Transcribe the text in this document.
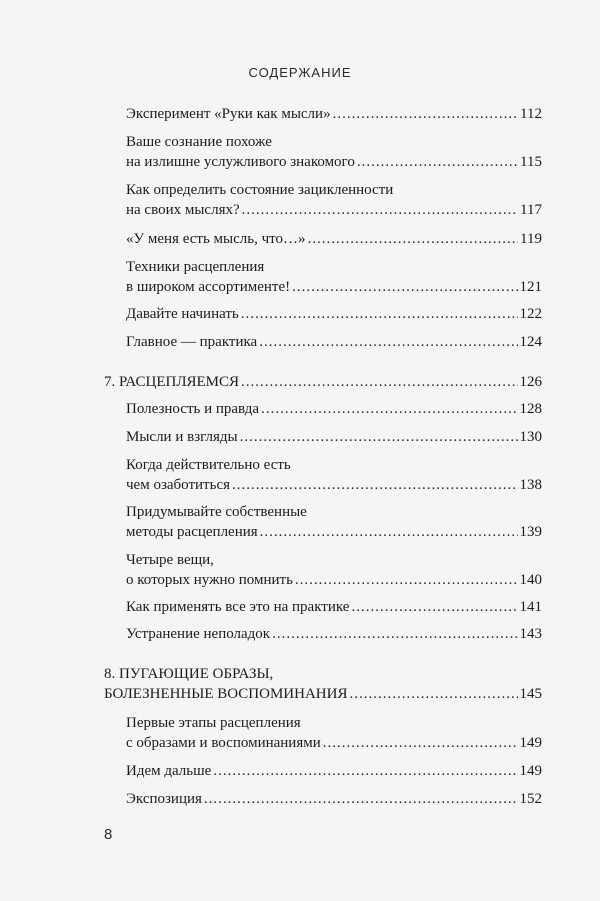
СОДЕРЖАНИЕ
Эксперимент «Руки как мысли» .....	112
Ваше сознание похоже
на излишне услужливого знакомого .....	115
Как определить состояние зацикленности
на своих мыслях? .....	117
«У меня есть мысль, что…» .....	119
Техники расцепления
в широком ассортименте! .....	121
Давайте начинать .....	122
Главное — практика .....	124
7. РАСЦЕПЛЯЕМСЯ .....	126
Полезность и правда .....	128
Мысли и взгляды .....	130
Когда действительно есть
чем озаботиться .....	138
Придумывайте собственные
методы расцепления .....	139
Четыре вещи,
о которых нужно помнить .....	140
Как применять все это на практике .....	141
Устранение неполадок .....	143
8. ПУГАЮЩИЕ ОБРАЗЫ,
БОЛЕЗНЕННЫЕ ВОСПОМИНАНИЯ .....	145
Первые этапы расцепления
с образами и воспоминаниями .....	149
Идем дальше .....	149
Экспозиция .....	152
8
